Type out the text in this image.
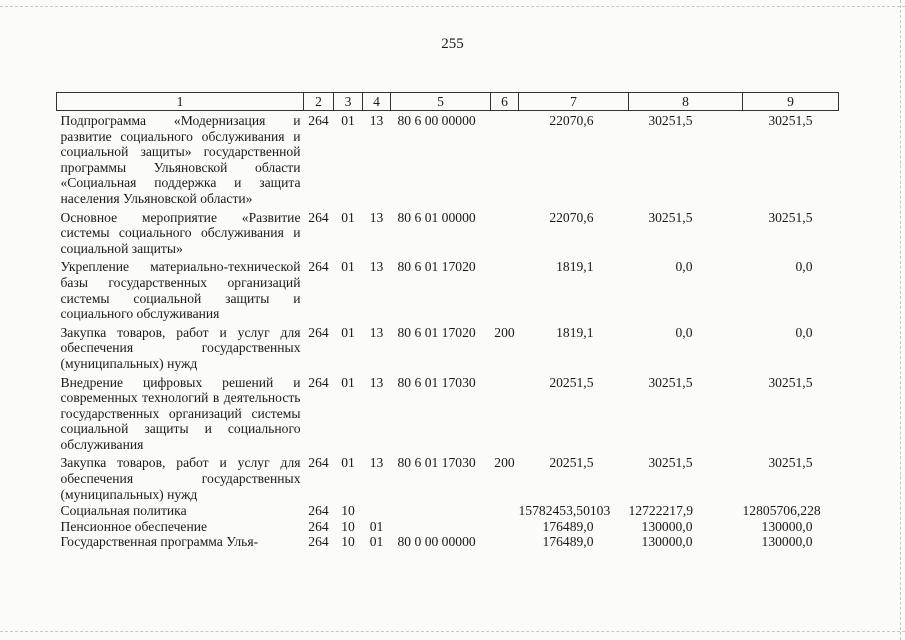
255
1	2	3	4	5	6	7	8	9
Подпрограмма «Модернизация и развитие социального обслуживания и социальной защиты» государственной программы Ульяновской области «Социальная поддержка и защита населения Ульяновской области»	264	01	13	80 6 00 00000		22070,6	30251,5	30251,5
Основное мероприятие «Развитие системы социального обслуживания и социальной защиты»	264	01	13	80 6 01 00000		22070,6	30251,5	30251,5
Укрепление материально-технической базы государственных организаций системы социальной защиты и социального обслуживания	264	01	13	80 6 01 17020		1819,1	0,0	0,0
Закупка товаров, работ и услуг для обеспечения государственных (муниципальных) нужд	264	01	13	80 6 01 17020	200	1819,1	0,0	0,0
Внедрение цифровых решений и современных технологий в деятельность государственных организаций системы социальной защиты и социального обслуживания	264	01	13	80 6 01 17030		20251,5	30251,5	30251,5
Закупка товаров, работ и услуг для обеспечения государственных (муниципальных) нужд	264	01	13	80 6 01 17030	200	20251,5	30251,5	30251,5
Социальная политика	264	10				15782453,50103	12722217,9	12805706,228
Пенсионное обеспечение	264	10	01			176489,0	130000,0	130000,0
Государственная программа Улья-	264	10	01	80 0 00 00000		176489,0	130000,0	130000,0
